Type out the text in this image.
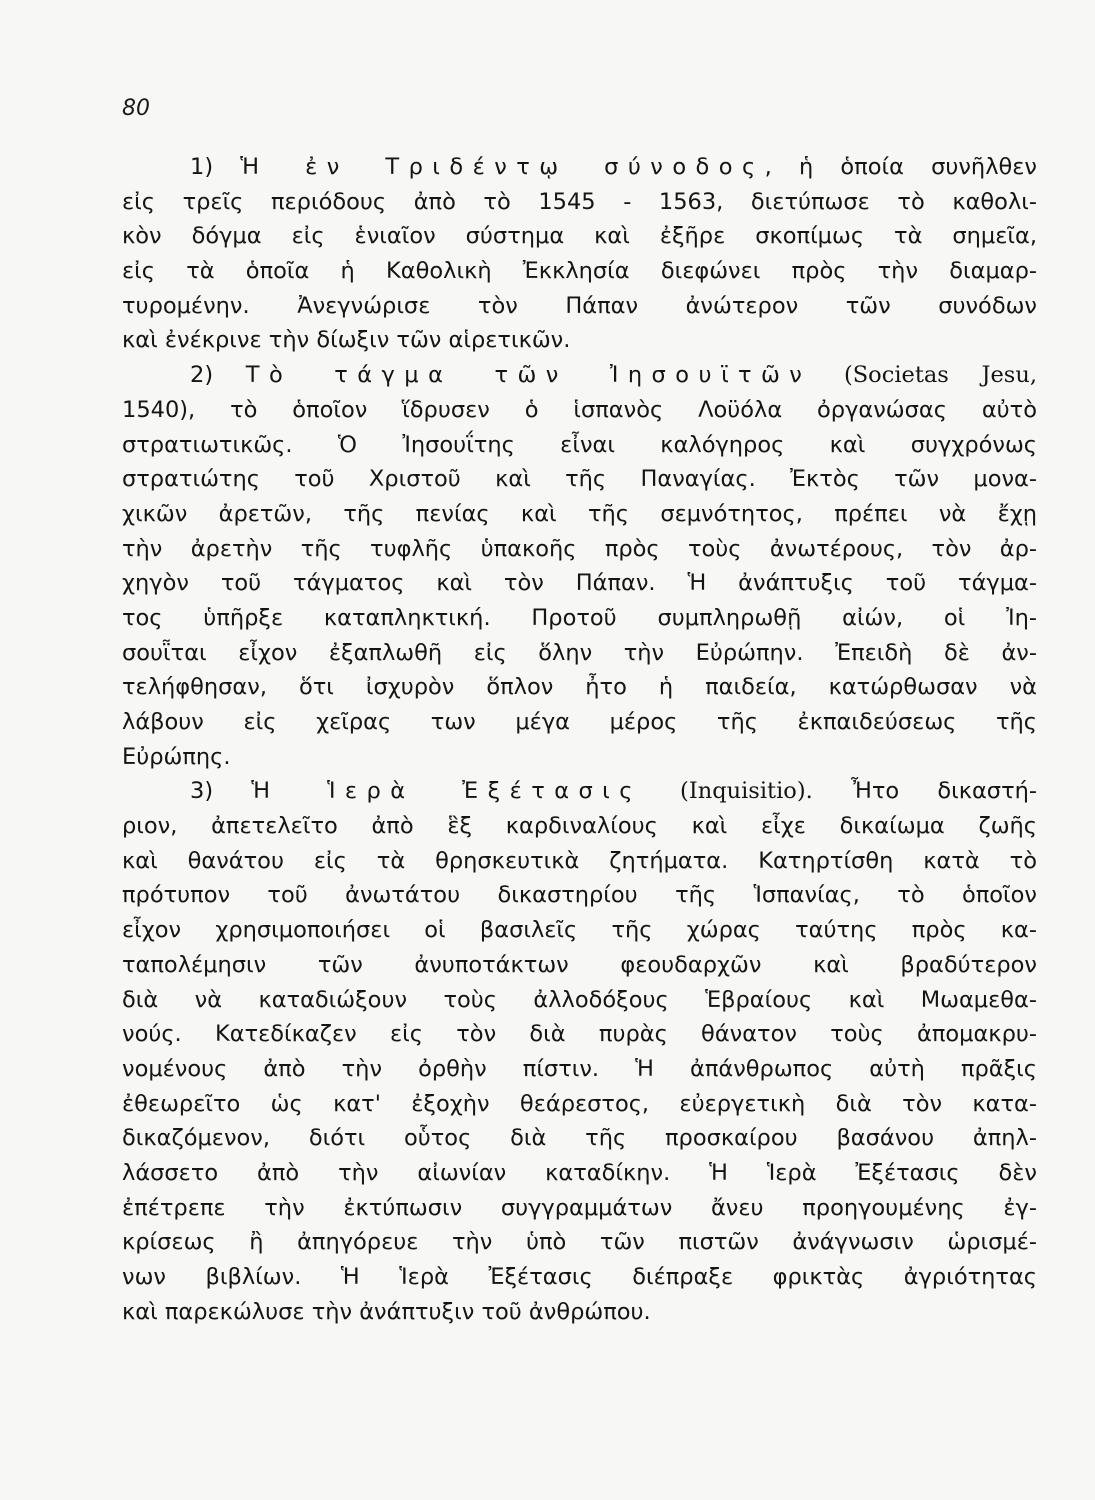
80
1) Ἡ ἐν Τριδέντῳ σύνοδος, ἡ ὁποία συνῆλθεν
εἰς τρεῖς περιόδους ἀπὸ τὸ 1545 - 1563, διετύπωσε τὸ καθολι-
κὸν δόγμα εἰς ἑνιαῖον σύστημα καὶ ἐξῆρε σκοπίμως τὰ σημεῖα,
εἰς τὰ ὁποῖα ἡ Καθολικὴ Ἐκκλησία διεφώνει πρὸς τὴν διαμαρ-
τυρομένην. Ἀνεγνώρισε τὸν Πάπαν ἀνώτερον τῶν συνόδων
καὶ ἐνέκρινε τὴν δίωξιν τῶν αἱρετικῶν.
2) Τὸ τάγμα τῶν Ἰησουϊτῶν (Societas Jesu,
1540), τὸ ὁποῖον ἵδρυσεν ὁ ἱσπανὸς Λοϋόλα ὀργανώσας αὐτὸ
στρατιωτικῶς. Ὁ Ἰησουΐτης εἶναι καλόγηρος καὶ συγχρόνως
στρατιώτης τοῦ Χριστοῦ καὶ τῆς Παναγίας. Ἐκτὸς τῶν μονα-
χικῶν ἀρετῶν, τῆς πενίας καὶ τῆς σεμνότητος, πρέπει νὰ ἔχῃ
τὴν ἀρετὴν τῆς τυφλῆς ὑπακοῆς πρὸς τοὺς ἀνωτέρους, τὸν ἀρ-
χηγὸν τοῦ τάγματος καὶ τὸν Πάπαν. Ἡ ἀνάπτυξις τοῦ τάγμα-
τος ὑπῆρξε καταπληκτική. Προτοῦ συμπληρωθῇ αἰών, οἱ Ἰη-
σουῗται εἶχον ἐξαπλωθῆ εἰς ὅλην τὴν Εὐρώπην. Ἐπειδὴ δὲ ἀν-
τελήφθησαν, ὅτι ἰσχυρὸν ὅπλον ἦτο ἡ παιδεία, κατώρθωσαν νὰ
λάβουν εἰς χεῖρας των μέγα μέρος τῆς ἐκπαιδεύσεως τῆς
Εὐρώπης.
3) Ἡ Ἱερὰ Ἐξέτασις (Inquisitio). Ἦτο δικαστή-
ριον, ἀπετελεῖτο ἀπὸ ἓξ καρδιναλίους καὶ εἶχε δικαίωμα ζωῆς
καὶ θανάτου εἰς τὰ θρησκευτικὰ ζητήματα. Κατηρτίσθη κατὰ τὸ
πρότυπον τοῦ ἀνωτάτου δικαστηρίου τῆς Ἱσπανίας, τὸ ὁποῖον
εἶχον χρησιμοποιήσει οἱ βασιλεῖς τῆς χώρας ταύτης πρὸς κα-
ταπολέμησιν τῶν ἀνυποτάκτων φεουδαρχῶν καὶ βραδύτερον
διὰ νὰ καταδιώξουν τοὺς ἀλλοδόξους Ἑβραίους καὶ Μωαμεθα-
νούς. Κατεδίκαζεν εἰς τὸν διὰ πυρὰς θάνατον τοὺς ἀπομακρυ-
νομένους ἀπὸ τὴν ὀρθὴν πίστιν. Ἡ ἀπάνθρωπος αὐτὴ πρᾶξις
ἐθεωρεῖτο ὡς κατ' ἐξοχὴν θεάρεστος, εὐεργετικὴ διὰ τὸν κατα-
δικαζόμενον, διότι οὗτος διὰ τῆς προσκαίρου βασάνου ἀπηλ-
λάσσετο ἀπὸ τὴν αἰωνίαν καταδίκην. Ἡ Ἱερὰ Ἐξέτασις δὲν
ἐπέτρεπε τὴν ἐκτύπωσιν συγγραμμάτων ἄνευ προηγουμένης ἐγ-
κρίσεως ἢ ἀπηγόρευε τὴν ὑπὸ τῶν πιστῶν ἀνάγνωσιν ὡρισμέ-
νων βιβλίων. Ἡ Ἱερὰ Ἐξέτασις διέπραξε φρικτὰς ἀγριότητας
καὶ παρεκώλυσε τὴν ἀνάπτυξιν τοῦ ἀνθρώπου.
